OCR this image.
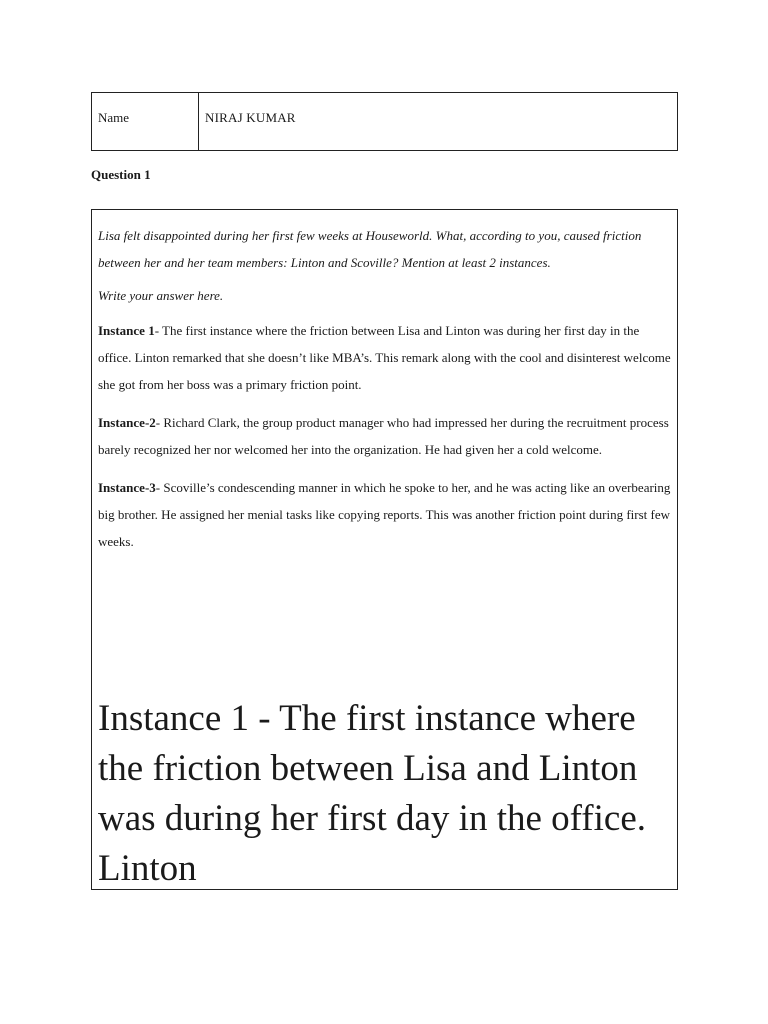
Name	NIRAJ KUMAR
Question 1

Lisa felt disappointed during her first few weeks at Houseworld. What, according to you, caused friction between her and her team members: Linton and Scoville? Mention at least 2 instances.

Write your answer here.

Instance 1- The first instance where the friction between Lisa and Linton was during her first day in the office. Linton remarked that she doesn’t like MBA’s. This remark along with the cool and disinterest welcome she got from her boss was a primary friction point.

Instance-2- Richard Clark, the group product manager who had impressed her during the recruitment process barely recognized her nor welcomed her into the organization. He had given her a cold welcome.

Instance-3- Scoville’s condescending manner in which he spoke to her, and he was acting like an overbearing big brother. He assigned her menial tasks like copying reports. This was another friction point during first few weeks.

Instance 1 - The first instance where the friction between Lisa and Linton was during her first day in the office. Linton
